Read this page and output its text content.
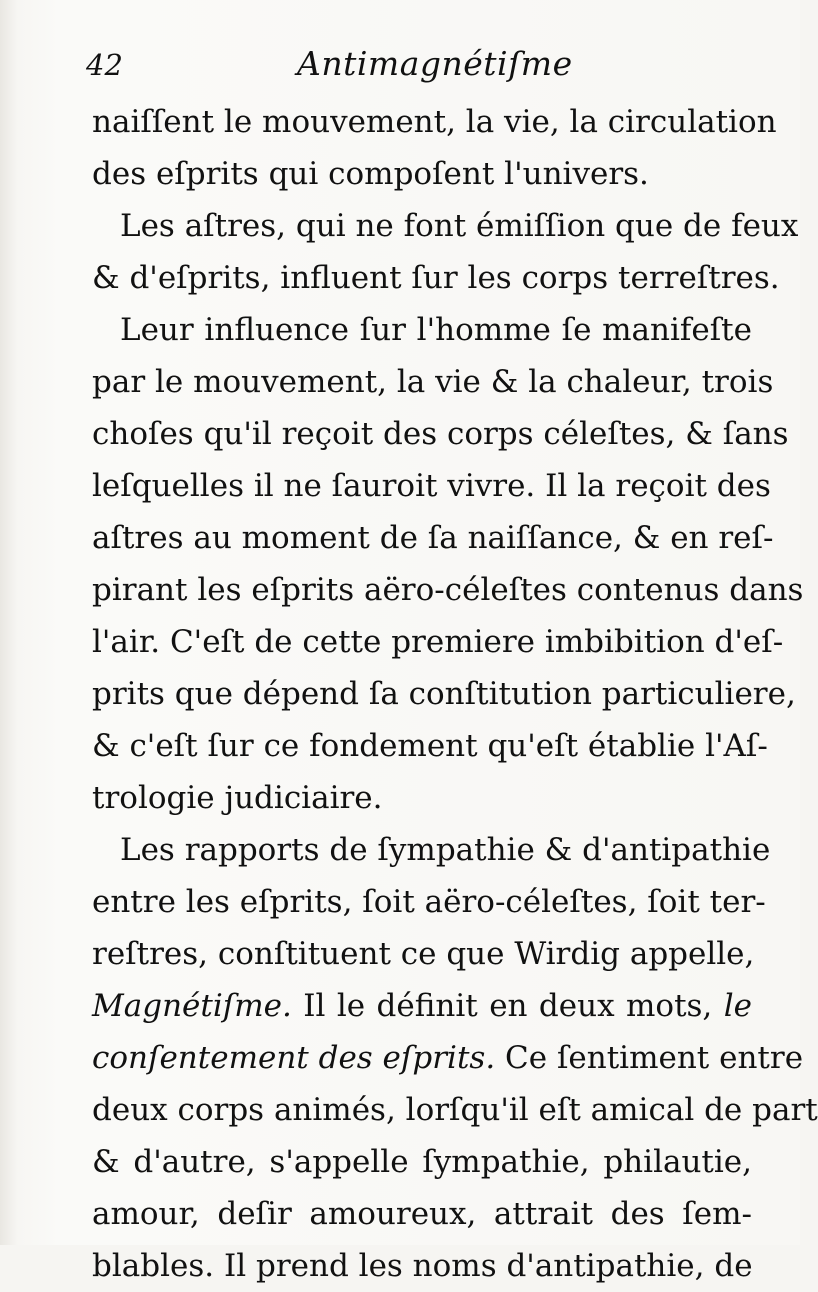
42	Antimagnétiſme
naiſſent le mouvement, la vie, la circulation
des eſprits qui compoſent l'univers.
Les aſtres, qui ne font émiſſion que de feux
& d'eſprits, influent ſur les corps terreſtres.
Leur influence ſur l'homme ſe manifeſte
par le mouvement, la vie & la chaleur, trois
choſes qu'il reçoit des corps céleſtes, & ſans
leſquelles il ne ſauroit vivre. Il la reçoit des
aſtres au moment de ſa naiſſance, & en reſ-
pirant les eſprits aëro-céleſtes contenus dans
l'air. C'eſt de cette premiere imbibition d'eſ-
prits que dépend ſa conſtitution particuliere,
& c'eſt ſur ce fondement qu'eſt établie l'Aſ-
trologie judiciaire.
Les rapports de ſympathie & d'antipathie
entre les eſprits, ſoit aëro-céleſtes, ſoit ter-
reſtres, conſtituent ce que Wirdig appelle,
Magnétiſme. Il le définit en deux mots, le
conſentement des eſprits. Ce ſentiment entre
deux corps animés, lorſqu'il eſt amical de part
& d'autre, s'appelle ſympathie, philautie,
amour, deſir amoureux, attrait des ſem-
blables. Il prend les noms d'antipathie, de
